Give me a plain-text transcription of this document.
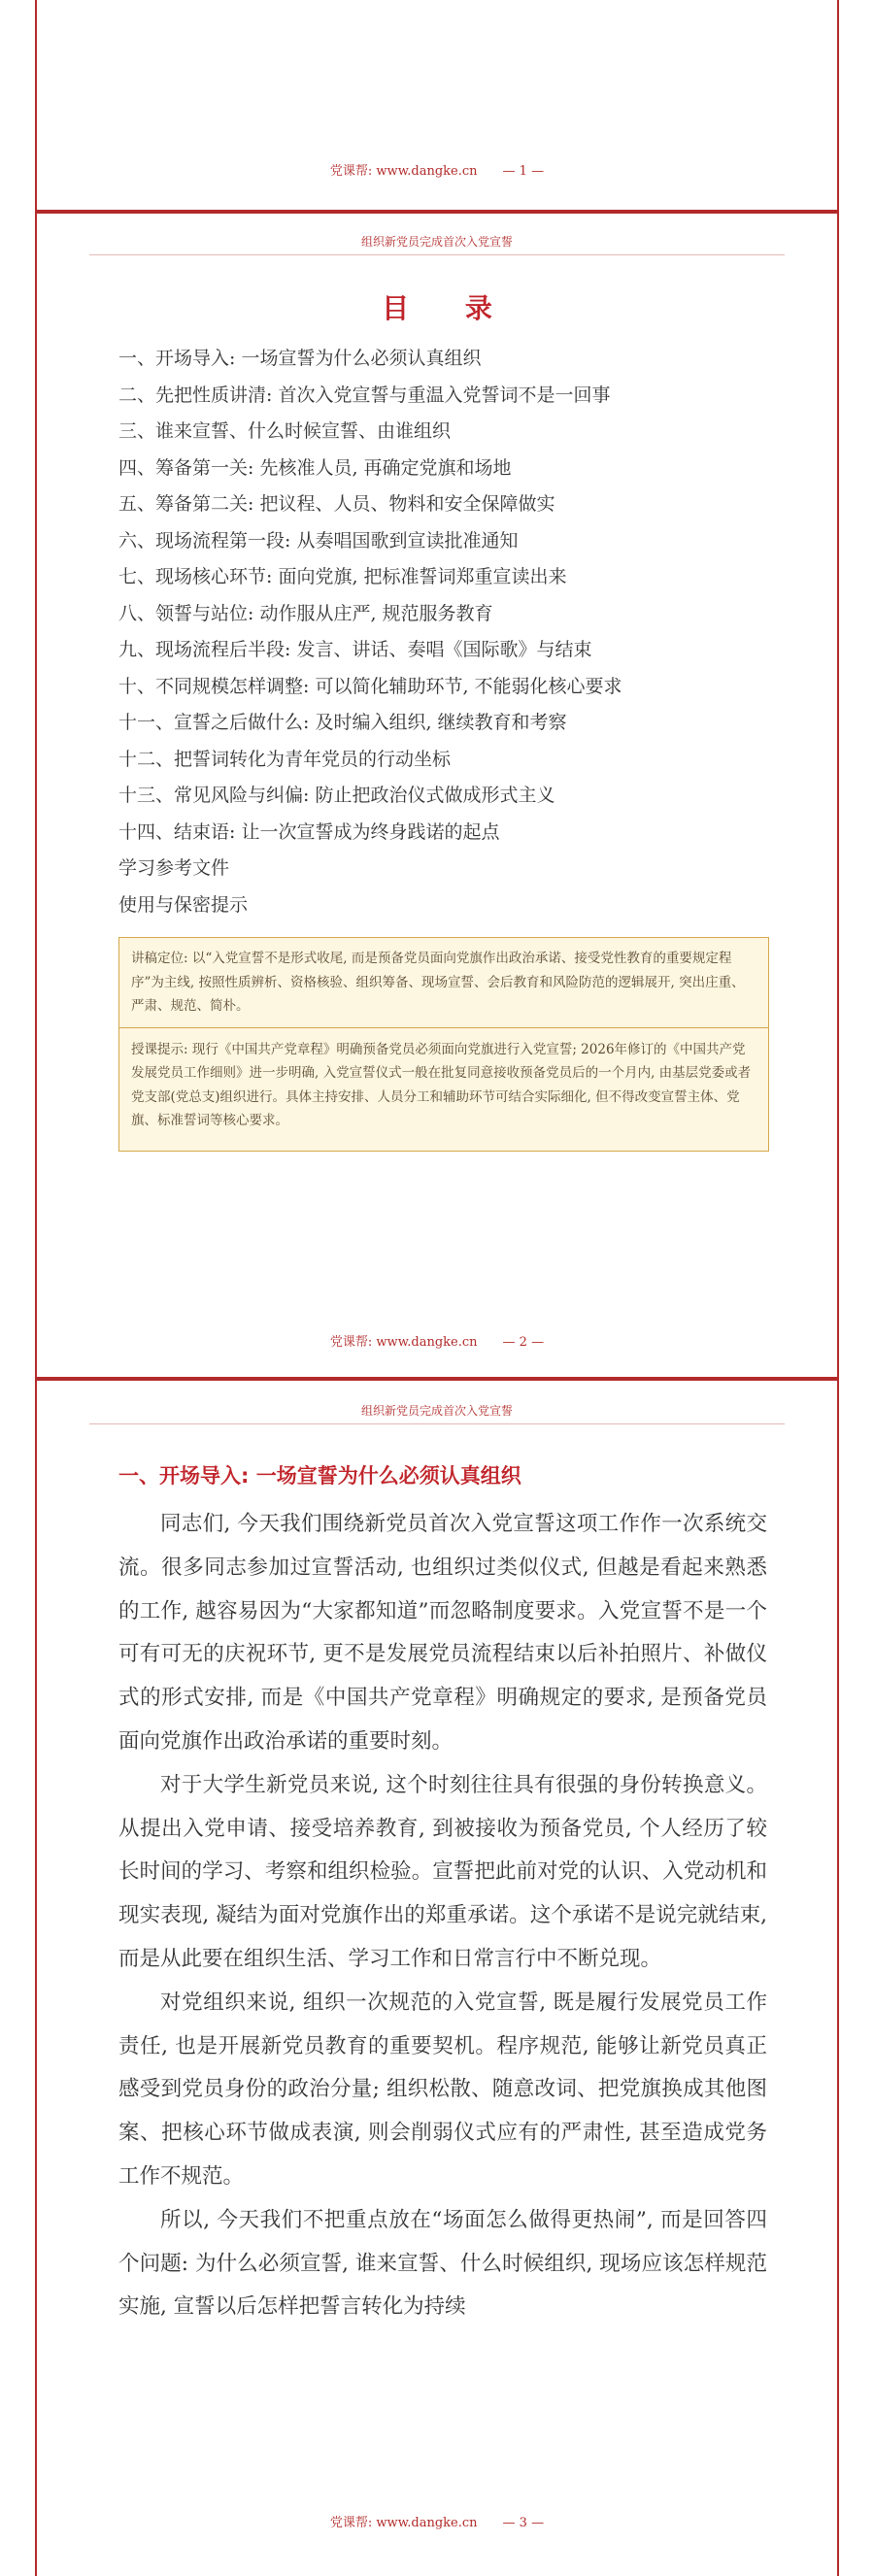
党课帮: www.dangke.cn — 1 —
组织新党员完成首次入党宣誓
目 录
一、开场导入: 一场宣誓为什么必须认真组织
二、先把性质讲清: 首次入党宣誓与重温入党誓词不是一回事
三、谁来宣誓、什么时候宣誓、由谁组织
四、筹备第一关: 先核准人员, 再确定党旗和场地
五、筹备第二关: 把议程、人员、物料和安全保障做实
六、现场流程第一段: 从奏唱国歌到宣读批准通知
七、现场核心环节: 面向党旗, 把标准誓词郑重宣读出来
八、领誓与站位: 动作服从庄严, 规范服务教育
九、现场流程后半段: 发言、讲话、奏唱《国际歌》与结束
十、不同规模怎样调整: 可以简化辅助环节, 不能弱化核心要求
十一、宣誓之后做什么: 及时编入组织, 继续教育和考察
十二、把誓词转化为青年党员的行动坐标
十三、常见风险与纠偏: 防止把政治仪式做成形式主义
十四、结束语: 让一次宣誓成为终身践诺的起点
学习参考文件
使用与保密提示
讲稿定位: 以“入党宣誓不是形式收尾, 而是预备党员面向党旗作出政治承诺、接受党性教育的重要规定程序”为主线, 按照性质辨析、资格核验、组织筹备、现场宣誓、会后教育和风险防范的逻辑展开, 突出庄重、严肃、规范、简朴。
授课提示: 现行《中国共产党章程》明确预备党员必须面向党旗进行入党宣誓; 2026年修订的《中国共产党发展党员工作细则》进一步明确, 入党宣誓仪式一般在批复同意接收预备党员后的一个月内, 由基层党委或者党支部(党总支)组织进行。具体主持安排、人员分工和辅助环节可结合实际细化, 但不得改变宣誓主体、党旗、标准誓词等核心要求。
党课帮: www.dangke.cn — 2 —
组织新党员完成首次入党宣誓
一、开场导入: 一场宣誓为什么必须认真组织

同志们, 今天我们围绕新党员首次入党宣誓这项工作作一次系统交流。很多同志参加过宣誓活动, 也组织过类似仪式, 但越是看起来熟悉的工作, 越容易因为“大家都知道”而忽略制度要求。入党宣誓不是一个可有可无的庆祝环节, 更不是发展党员流程结束以后补拍照片、补做仪式的形式安排, 而是《中国共产党章程》明确规定的要求, 是预备党员面向党旗作出政治承诺的重要时刻。

对于大学生新党员来说, 这个时刻往往具有很强的身份转换意义。从提出入党申请、接受培养教育, 到被接收为预备党员, 个人经历了较长时间的学习、考察和组织检验。宣誓把此前对党的认识、入党动机和现实表现, 凝结为面对党旗作出的郑重承诺。这个承诺不是说完就结束, 而是从此要在组织生活、学习工作和日常言行中不断兑现。

对党组织来说, 组织一次规范的入党宣誓, 既是履行发展党员工作责任, 也是开展新党员教育的重要契机。程序规范, 能够让新党员真正感受到党员身份的政治分量; 组织松散、随意改词、把党旗换成其他图案、把核心环节做成表演, 则会削弱仪式应有的严肃性, 甚至造成党务工作不规范。

所以, 今天我们不把重点放在“场面怎么做得更热闹”, 而是回答四个问题: 为什么必须宣誓, 谁来宣誓、什么时候组织, 现场应该怎样规范实施, 宣誓以后怎样把誓言转化为持续

党课帮: www.dangke.cn — 3 —
